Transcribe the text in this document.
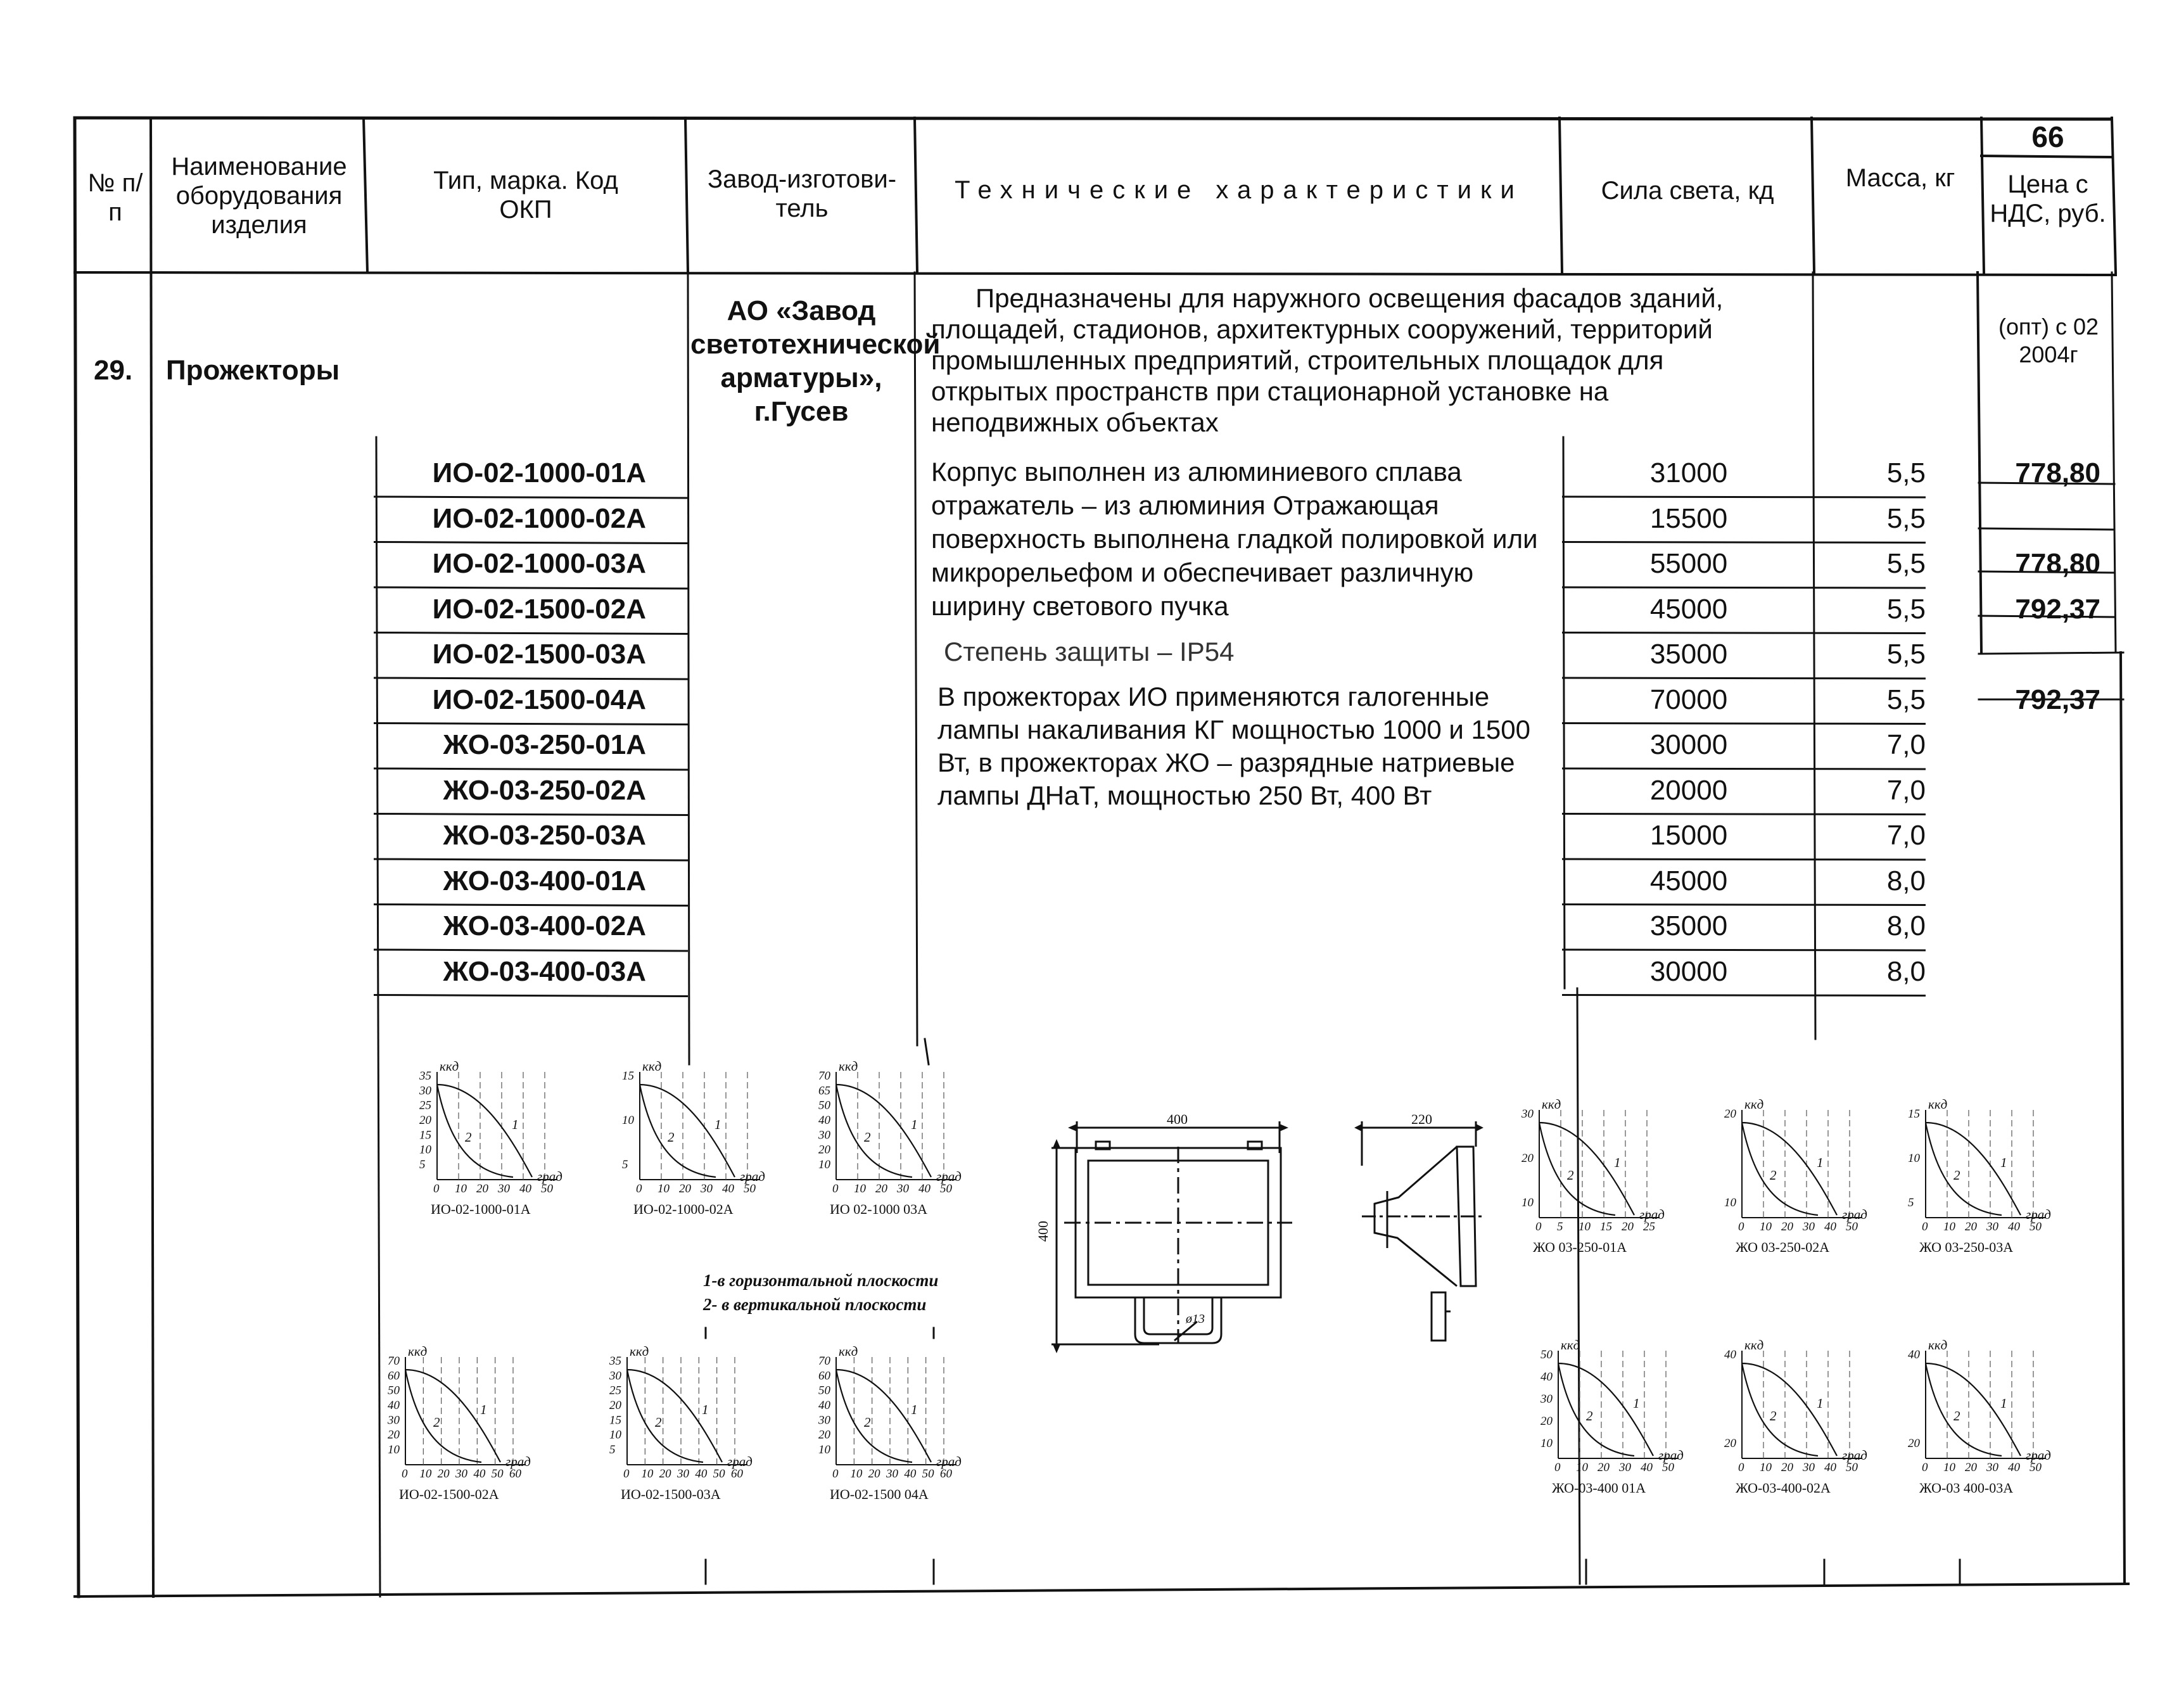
№ п/п
Наименование оборудования изделия
Тип, марка. Код ОКП
Завод-изготови-тель
Технические характеристики	Сила света, кд	Масса, кг
66
Цена с НДС, руб.
29. Прожекторы
АО «Завод светотехнической арматуры», г.Гусев
(опт) с 02 2004г
Предназначены для наружного освещения фасадов зданий, площадей, стадионов, архитектурных сооружений, территорий промышленных предприятий, строительных площадок для открытых пространств при стационарной установке на неподвижных объектах
Корпус выполнен из алюминиевого сплава отражатель – из алюминия Отражающая поверхность выполнена гладкой полировкой или микрорельефом и обеспечивает различную ширину светового пучка
Степень защиты – IP54
В прожекторах ИО применяются галогенные лампы накаливания КГ мощностью 1000 и 1500 Вт, в прожекторах ЖО – разрядные натриевые лампы ДНаТ, мощностью 250 Вт, 400 Вт
ИО-02-1000-01А	31000	5,5	778,80
ИО-02-1000-02А	15500	5,5
ИО-02-1000-03А	55000	5,5	778,80
ИО-02-1500-02А	45000	5,5	792,37
ИО-02-1500-03А	35000	5,5
ИО-02-1500-04А	70000	5,5	792,37
ЖО-03-250-01А	30000	7,0
ЖО-03-250-02А	20000	7,0
ЖО-03-250-03А	15000	7,0
ЖО-03-400-01А	45000	8,0
ЖО-03-400-02А	35000	8,0
ЖО-03-400-03А	30000	8,0
1-в горизонтальной плоскости
2- в вертикальной плоскости
0 10 20 30 40 50
35
30
25
20
15
10
5
ккд
град
1
2
ИО-02-1000-01А
0 10 20 30 40 50
15
10
5
ккд
град
1
2
ИО-02-1000-02А
0 10 20 30 40 50
70
65
50
40
30
20
10
ккд
град
1
2
ИО 02-1000 03А
0 5 10 15 20 25
30
20
10
ккд
град
1
2
ЖО 03-250-01А
0 10 20 30 40 50
20
10
ккд
град
1
2
ЖО 03-250-02А
0 10 20 30 40 50
15
10
5
ккд
град
1
2
ЖО 03-250-03А
0 10 20 30 40 50 60
70
60
50
40
30
20
10
ккд
град
1
2
ИО-02-1500-02А
0 10 20 30 40 50 60
35
30
25
20
15
10
5
ккд
град
1
2
ИО-02-1500-03А
0 10 20 30 40 50 60
70
60
50
40
30
20
10
ккд
град
1
2
ИО-02-1500 04А
0 10 20 30 40 50
50
40
30
20
10
ккд
град
1
2
ЖО-03-400 01А
0 10 20 30 40 50
40
20
ккд
град
1
2
ЖО-03-400-02А
0 10 20 30 40 50
40
20
ккд
град
1
2
ЖО-03 400-03А
400
400
ø13
220
